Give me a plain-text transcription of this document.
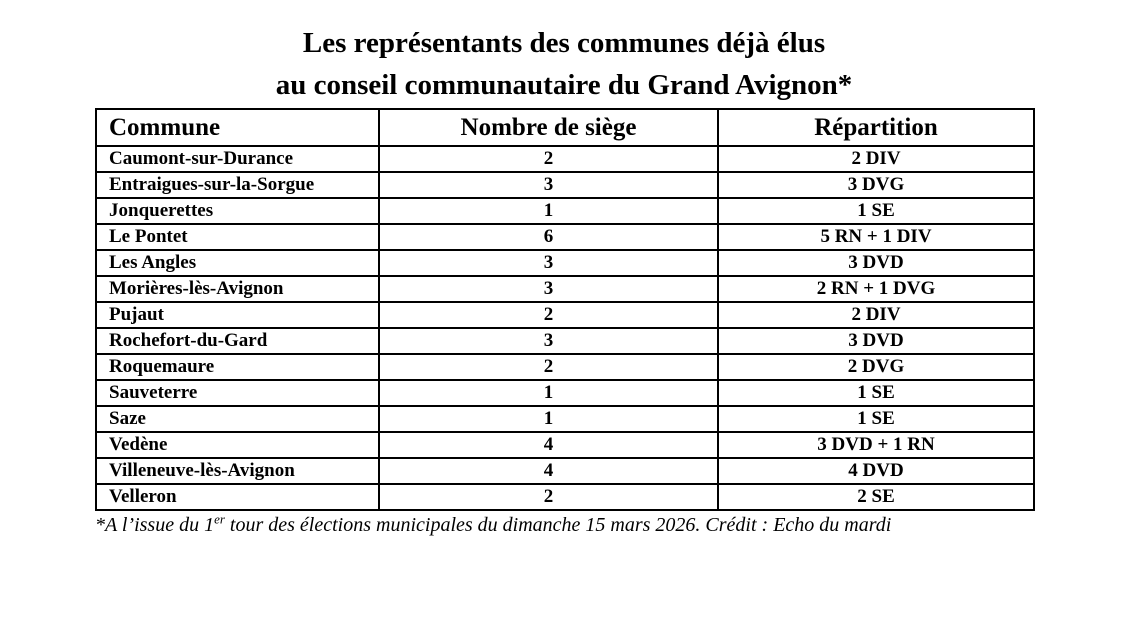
Les représentants des communes déjà élus
au conseil communautaire du Grand Avignon*
Commune	Nombre de siège	Répartition
Caumont-sur-Durance	2	2 DIV
Entraigues-sur-la-Sorgue	3	3 DVG
Jonquerettes	1	1 SE
Le Pontet	6	5 RN + 1 DIV
Les Angles	3	3 DVD
Morières-lès-Avignon	3	2 RN + 1 DVG
Pujaut	2	2 DIV
Rochefort-du-Gard	3	3 DVD
Roquemaure	2	2 DVG
Sauveterre	1	1 SE
Saze	1	1 SE
Vedène	4	3 DVD + 1 RN
Villeneuve-lès-Avignon	4	4 DVD
Velleron	2	2 SE
*A l’issue du 1er tour des élections municipales du dimanche 15 mars 2026. Crédit : Echo du mardi
